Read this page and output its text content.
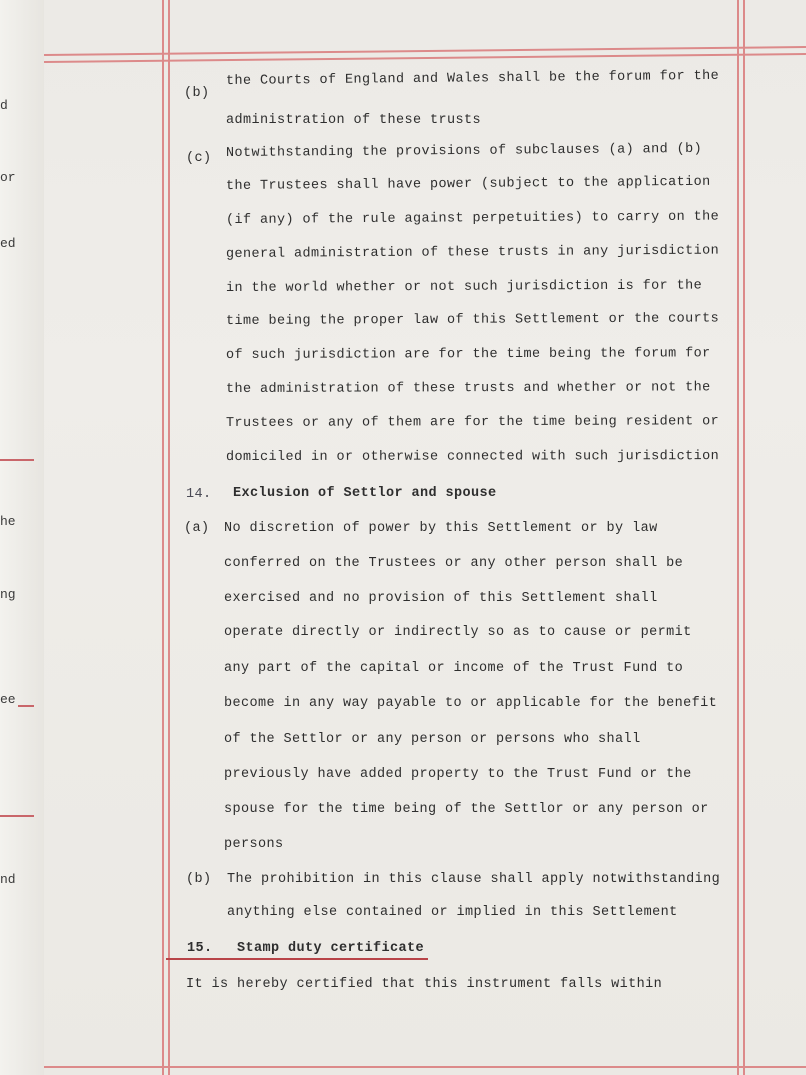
d
or
ed
he
ng
ee
nd
(b)
the Courts of England and Wales shall be the forum for the
administration of these trusts
(c) Notwithstanding the provisions of subclauses (a) and (b)
the Trustees shall have power (subject to the application
(if any) of the rule against perpetuities) to carry on the
general administration of these trusts in any jurisdiction
in the world whether or not such jurisdiction is for the
time being the proper law of this Settlement or the courts
of such jurisdiction are for the time being the forum for
the administration of these trusts and whether or not the
Trustees or any of them are for the time being resident or
domiciled in or otherwise connected with such jurisdiction
14. Exclusion of Settlor and spouse
(a) No discretion of power by this Settlement or by law
conferred on the Trustees or any other person shall be
exercised and no provision of this Settlement shall
operate directly or indirectly so as to cause or permit
any part of the capital or income of the Trust Fund to
become in any way payable to or applicable for the benefit
of the Settlor or any person or persons who shall
previously have added property to the Trust Fund or the
spouse for the time being of the Settlor or any person or
persons
(b) The prohibition in this clause shall apply notwithstanding
anything else contained or implied in this Settlement
15. Stamp duty certificate
It is hereby certified that this instrument falls within
